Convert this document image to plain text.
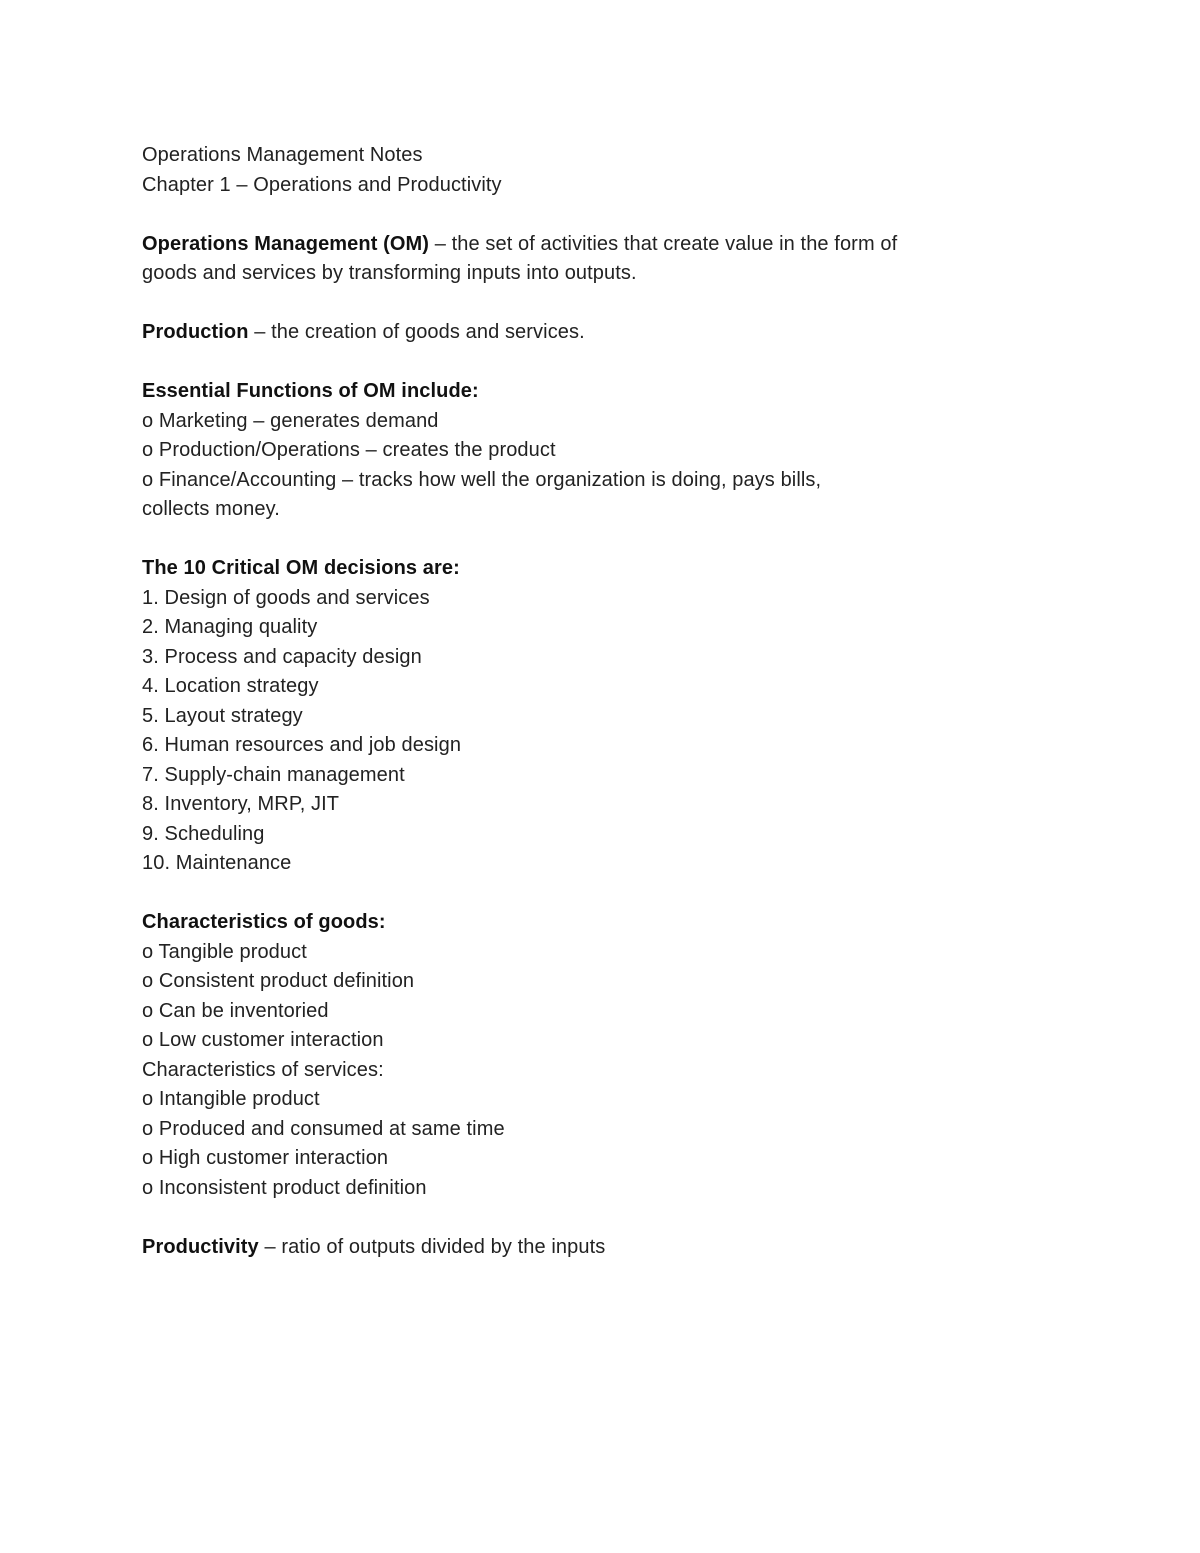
Operations Management Notes
Chapter 1 – Operations and Productivity
Operations Management (OM) – the set of activities that create value in the form of
goods and services by transforming inputs into outputs.
Production – the creation of goods and services.
Essential Functions of OM include:
o Marketing – generates demand
o Production/Operations – creates the product
o Finance/Accounting – tracks how well the organization is doing, pays bills,
collects money.
The 10 Critical OM decisions are:
1. Design of goods and services
2. Managing quality
3. Process and capacity design
4. Location strategy
5. Layout strategy
6. Human resources and job design
7. Supply-chain management
8. Inventory, MRP, JIT
9. Scheduling
10. Maintenance
Characteristics of goods:
o Tangible product
o Consistent product definition
o Can be inventoried
o Low customer interaction
Characteristics of services:
o Intangible product
o Produced and consumed at same time
o High customer interaction
o Inconsistent product definition
Productivity – ratio of outputs divided by the inputs
